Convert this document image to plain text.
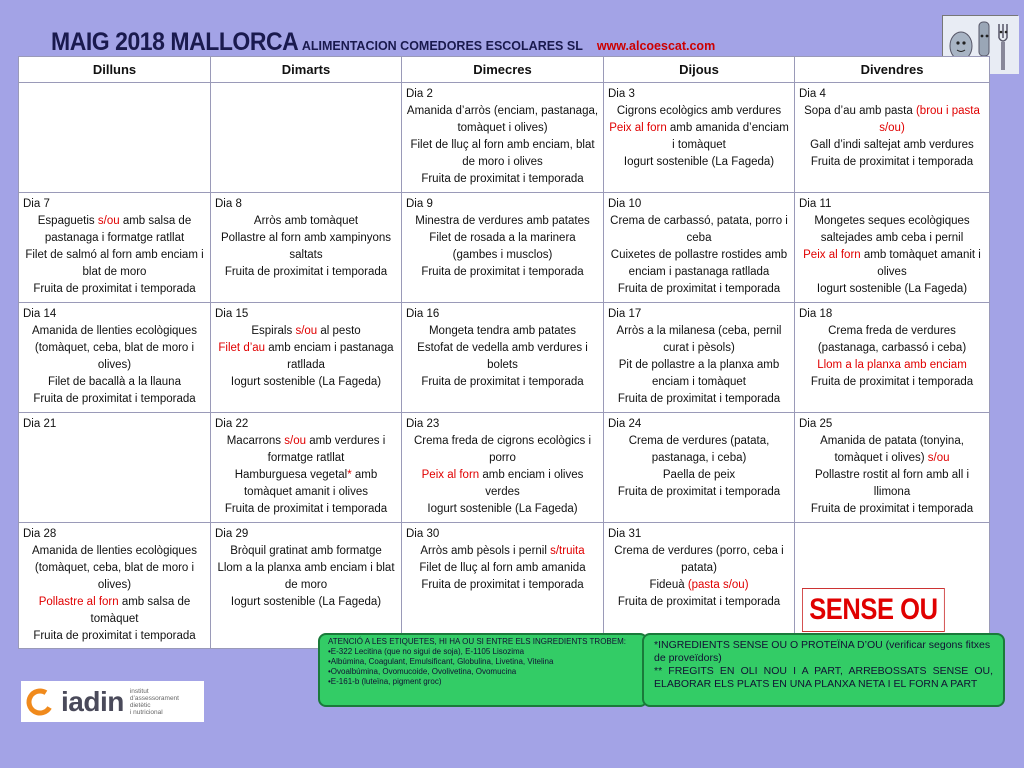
MAIG 2018 MALLORCA ALIMENTACION COMEDORES ESCOLARES SL www.alcoescat.com
Dilluns	Dimarts	Dimecres	Dijous	Divendres

		Dia 2
Amanida d’arròs (enciam, pastanaga, tomàquet i olives)
Filet de lluç al forn amb enciam, blat de moro i olives
Fruita de proximitat i temporada	Dia 3
Cigrons ecològics amb verdures
Peix al forn amb amanida d’enciam i tomàquet
Iogurt sostenible (La Fageda)	Dia 4
Sopa d’au amb pasta (brou i pasta s/ou)
Gall d’indi saltejat amb verdures
Fruita de proximitat i temporada

Dia 7
Espaguetis s/ou amb salsa de pastanaga i formatge ratllat
Filet de salmó al forn amb enciam i blat de moro
Fruita de proximitat i temporada	Dia 8
Arròs amb tomàquet
Pollastre al forn amb xampinyons saltats
Fruita de proximitat i temporada	Dia 9
Minestra de verdures amb patates
Filet de rosada a la marinera (gambes i musclos)
Fruita de proximitat i temporada	Dia 10
Crema de carbassó, patata, porro i ceba
Cuixetes de pollastre rostides amb enciam i pastanaga ratllada
Fruita de proximitat i temporada	Dia 11
Mongetes seques ecològiques saltejades amb ceba i pernil
Peix al forn amb tomàquet amanit i olives
Iogurt sostenible (La Fageda)

Dia 14
Amanida de llenties ecològiques (tomàquet, ceba, blat de moro i olives)
Filet de bacallà a la llauna
Fruita de proximitat i temporada	Dia 15
Espirals s/ou al pesto
Filet d’au amb enciam i pastanaga ratllada
Iogurt sostenible (La Fageda)	Dia 16
Mongeta tendra amb patates
Estofat de vedella amb verdures i bolets
Fruita de proximitat i temporada	Dia 17
Arròs a la milanesa (ceba, pernil curat i pèsols)
Pit de pollastre a la planxa amb enciam i tomàquet
Fruita de proximitat i temporada	Dia 18
Crema freda de verdures (pastanaga, carbassó i ceba)
Llom a la planxa amb enciam
Fruita de proximitat i temporada

Dia 21	Dia 22
Macarrons s/ou amb verdures i formatge ratllat
Hamburguesa vegetal* amb tomàquet amanit i olives
Fruita de proximitat i temporada	Dia 23
Crema freda de cigrons ecològics i porro
Peix al forn amb enciam i olives verdes
Iogurt sostenible (La Fageda)	Dia 24
Crema de verdures (patata, pastanaga, i ceba)
Paella de peix
Fruita de proximitat i temporada	Dia 25
Amanida de patata (tonyina, tomàquet i olives) s/ou
Pollastre rostit al forn amb all i llimona
Fruita de proximitat i temporada

Dia 28
Amanida de llenties ecològiques (tomàquet, ceba, blat de moro i olives)
Pollastre al forn amb salsa de tomàquet
Fruita de proximitat i temporada	Dia 29
Bròquil gratinat amb formatge
Llom a la planxa amb enciam i blat de moro
Iogurt sostenible (La Fageda)	Dia 30
Arròs amb pèsols i pernil s/truita
Filet de lluç al forn amb amanida
Fruita de proximitat i temporada	Dia 31
Crema de verdures (porro, ceba i patata)
Fideuà (pasta s/ou)
Fruita de proximitat i temporada	
	SENSE OU
ATENCIÓ A LES ETIQUETES, HI HA OU SI ENTRE ELS INGREDIENTS TROBEM:
•E-322 Lecitina (que no sigui de soja), E-1105 Lisozima
•Albúmina, Coagulant, Emulsificant, Globulina, Livetina, Vitelina
•Ovoalbúmina, Ovomucoide, Ovolivetina, Ovomucina
•E-161-b (luteïna, pigment groc)
*INGREDIENTS SENSE OU O PROTEÏNA D’OU (verificar segons fitxes de proveïdors)
** FREGITS EN OLI NOU I A PART, ARREBOSSATS SENSE OU, ELABORAR ELS PLATS EN UNA PLANXA NETA I EL FORN A PART
iadin institut
d’assessorament
dietètic
i nutricional
